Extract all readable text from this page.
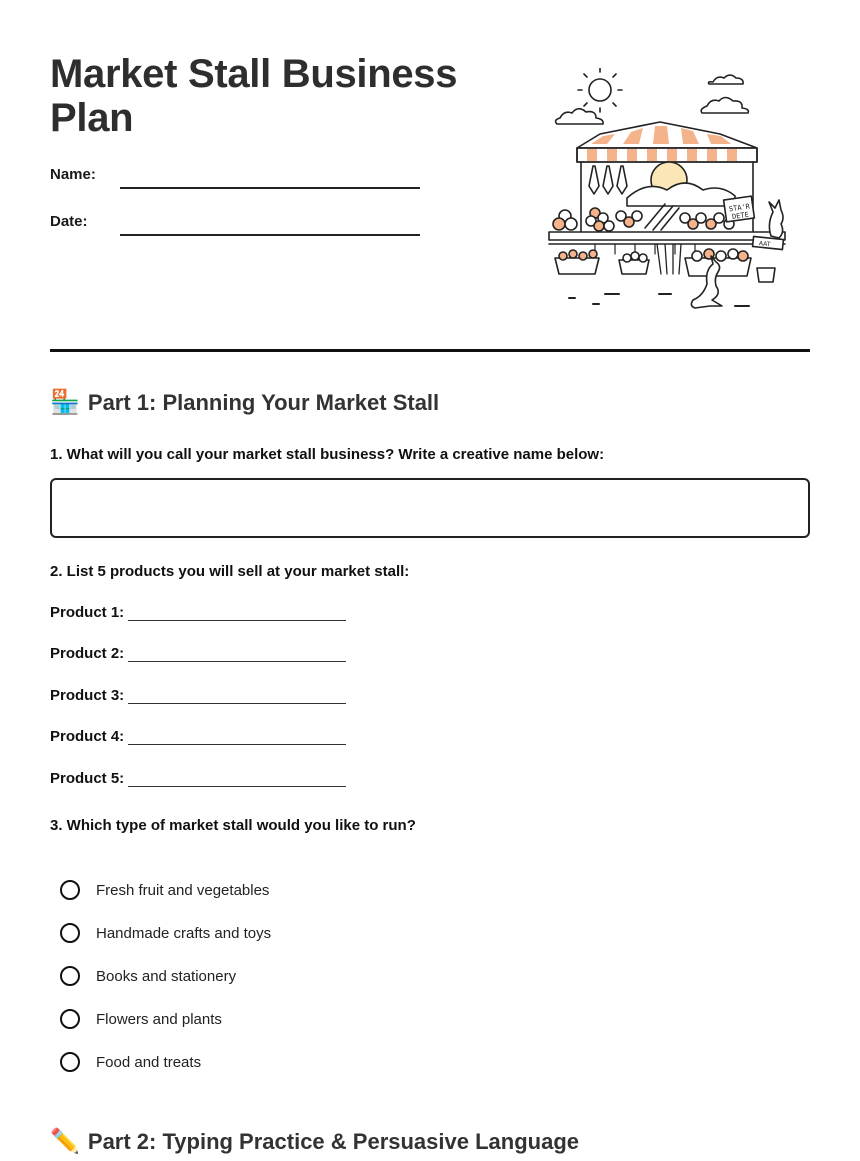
Market Stall Business Plan
Name:
Date:
STA'R
DETE
AAT
🏪 Part 1: Planning Your Market Stall
1. What will you call your market stall business? Write a creative name below:
2. List 5 products you will sell at your market stall:
Product 1:
Product 2:
Product 3:
Product 4:
Product 5:
3. Which type of market stall would you like to run?
Fresh fruit and vegetables
Handmade crafts and toys
Books and stationery
Flowers and plants
Food and treats
✏️ Part 2: Typing Practice & Persuasive Language
